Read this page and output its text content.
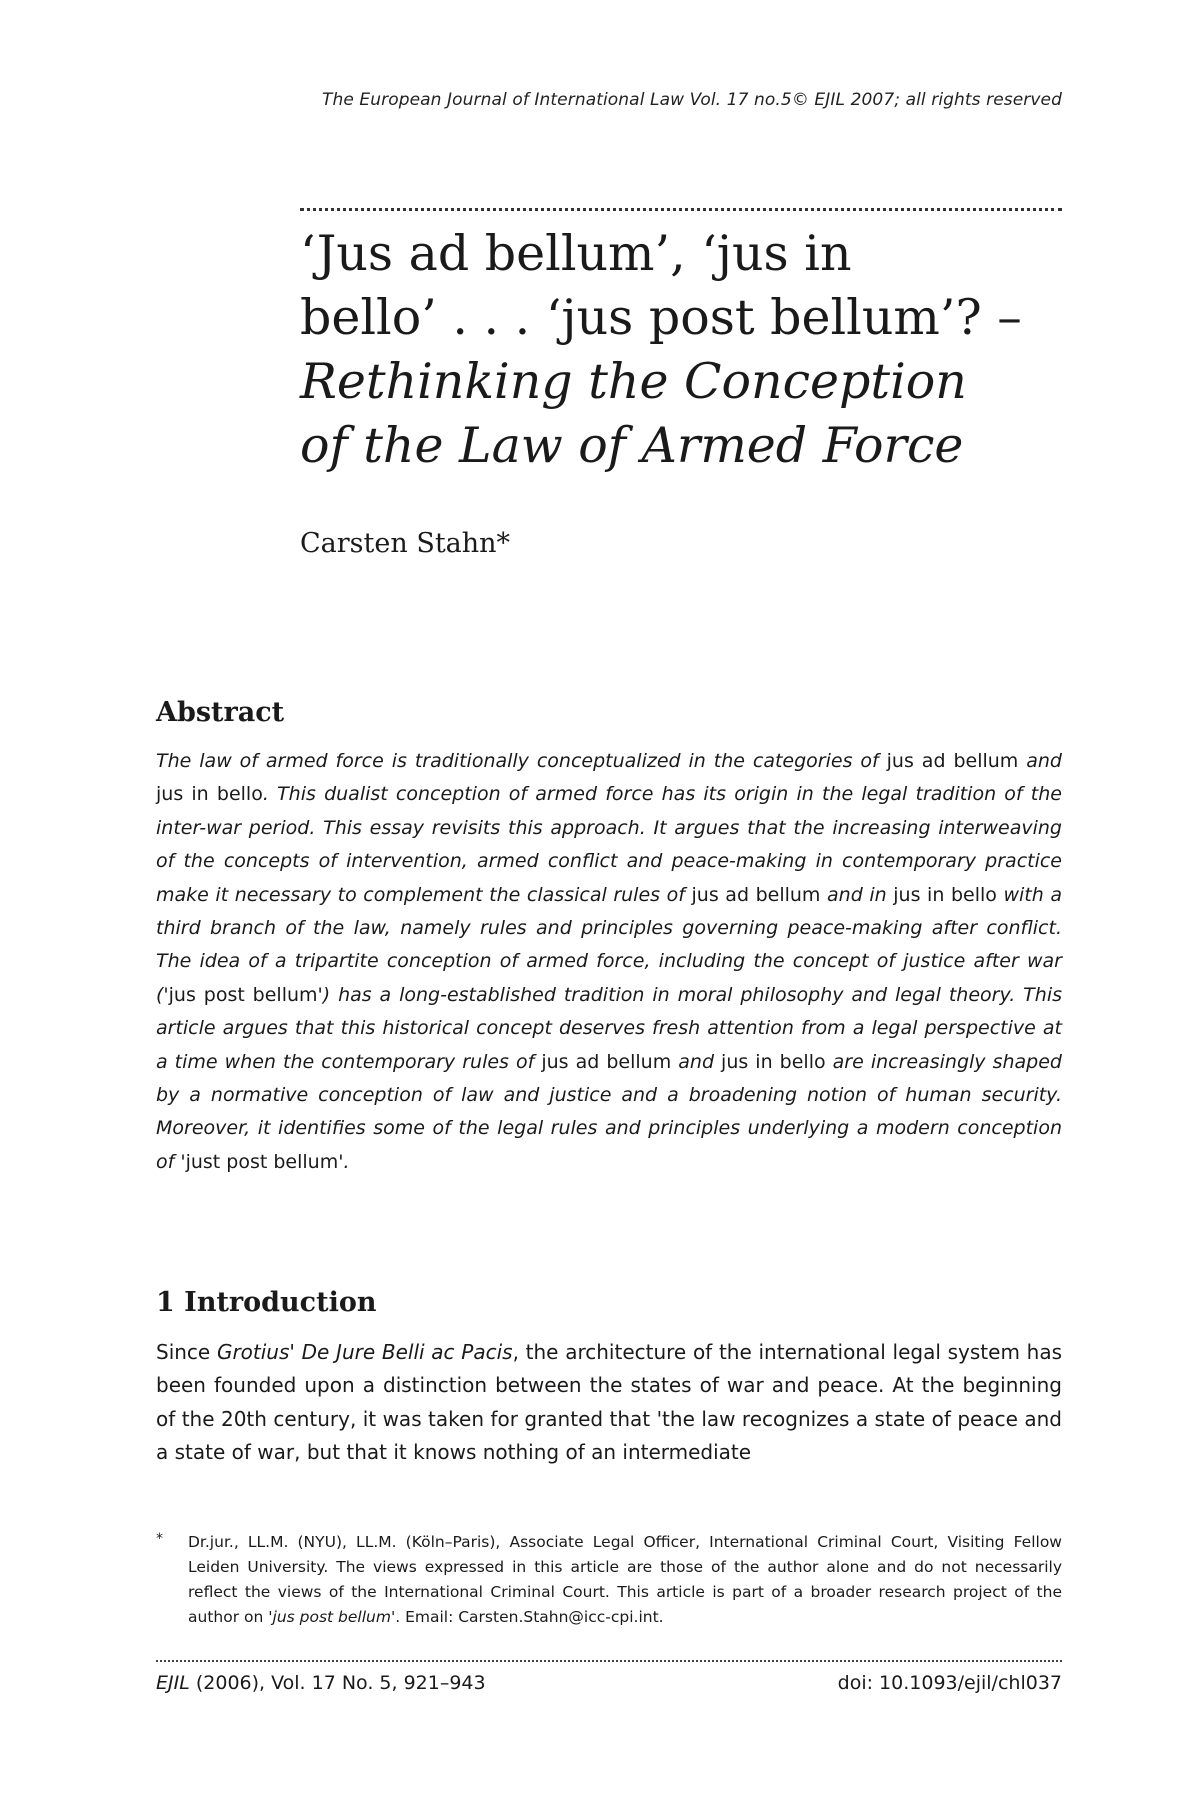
The European Journal of International Law Vol. 17 no.5© EJIL 2007; all rights reserved
‘Jus ad bellum’, ‘jus in
bello’ . . . ‘jus post bellum’? –
Rethinking the Conception
of the Law of Armed Force
Carsten Stahn*
Abstract

The law of armed force is traditionally conceptualized in the categories of jus ad bellum and jus in bello. This dualist conception of armed force has its origin in the legal tradition of the inter-war period. This essay revisits this approach. It argues that the increasing interweaving of the concepts of intervention, armed conflict and peace-making in contemporary practice make it necessary to complement the classical rules of jus ad bellum and in jus in bello with a third branch of the law, namely rules and principles governing peace-making after conflict. The idea of a tripartite conception of armed force, including the concept of justice after war ('jus post bellum') has a long-established tradition in moral philosophy and legal theory. This article argues that this historical concept deserves fresh attention from a legal perspective at a time when the contemporary rules of jus ad bellum and jus in bello are increasingly shaped by a normative conception of law and justice and a broadening notion of human security. Moreover, it identifies some of the legal rules and principles underlying a modern conception of 'just post bellum'.

1 Introduction

Since Grotius' De Jure Belli ac Pacis, the architecture of the international legal system has been founded upon a distinction between the states of war and peace. At the beginning of the 20th century, it was taken for granted that 'the law recognizes a state of peace and a state of war, but that it knows nothing of an intermediate

* Dr.jur., LL.M. (NYU), LL.M. (Köln–Paris), Associate Legal Officer, International Criminal Court, Visiting Fellow Leiden University. The views expressed in this article are those of the author alone and do not necessarily reflect the views of the International Criminal Court. This article is part of a broader research project of the author on 'jus post bellum'. Email: Carsten.Stahn@icc-cpi.int.
EJIL (2006), Vol. 17 No. 5, 921–943	doi: 10.1093/ejil/chl037
